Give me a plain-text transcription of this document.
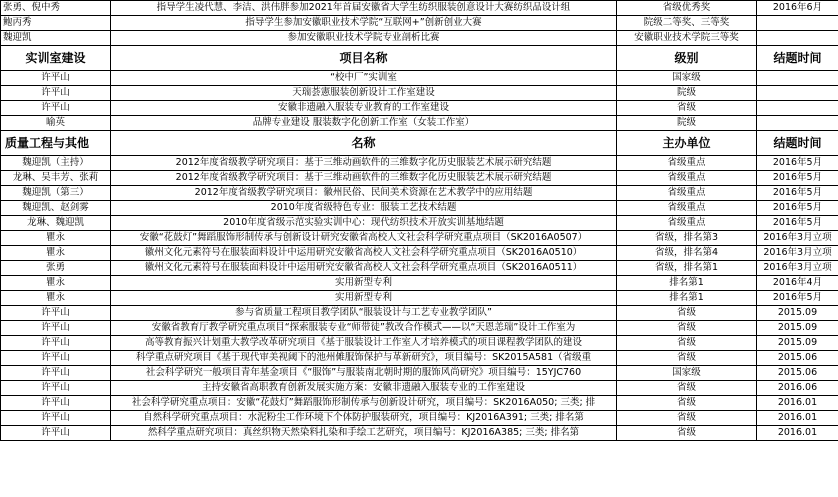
张勇、倪中秀	指导学生凌代慧、李洁、洪伟胖参加2021年首届安徽省大学生纺织服装创意设计大赛纺织品设计组	省级优秀奖	2016年6月
鲍丙秀	指导学生参加安徽职业技术学院“互联网+”创新创业大赛	院级二等奖、三等奖	
魏迎凯	参加安徽职业技术学院专业剖析比赛	安徽职业技术学院三等奖	
实训室建设	项目名称	级别	结题时间
许平山	“校中厂”实训室	国家级	
许平山	天瑞荟憲服装创新设计工作室建设	院级	
许平山	安徽非遗融入服装专业教育的工作室建设	省级	
喻英	品牌专业建设 服装数字化创新工作室（女装工作室）	院级	
质量工程与其他	名称	主办单位	结题时间
魏迎凯（主持）	2012年度省级教学研究项目：基于三维动画软件的三维数字化历史服装艺术展示研究结题	省级重点	2016年5月
龙琳、吴丰芳、张莉	2012年度省级教学研究项目：基于三维动画软件的三维数字化历史服装艺术展示研究结题	省级重点	2016年5月
魏迎凯（第三）	2012年度省级教学研究项目：徽州民俗、民间美术资源在艺术教学中的应用结题	省级重点	2016年5月
魏迎凯、赵剑雾	2010年度省级特色专业：服装工艺技术结题	省级重点	2016年5月
龙琳、魏迎凯	2010年度省级示范实验实训中心：现代纺织技术开放实训基地结题	省级重点	2016年5月
瞿永	安徽“花鼓灯”舞蹈服饰形制传承与创新设计研究安徽省高校人文社会科学研究重点项目（SK2016A0507）	省级，排名第3	2016年3月立项
瞿永	徽州文化元素符号在服装面料设计中运用研究安徽省高校人文社会科学研究重点项目（SK2016A0510）	省级，排名第4	2016年3月立项
张勇	徽州文化元素符号在服装面料设计中运用研究安徽省高校人文社会科学研究重点项目（SK2016A0511）	省级，排名第1	2016年3月立项
瞿永	实用新型专利	排名第1	2016年4月
瞿永	实用新型专利	排名第1	2016年5月
许平山	参与省质量工程项目教学团队“服装设计与工艺专业教学团队”	省级	2015.09
许平山	安徽省教育厅教学研究重点项目“探索服装专业“师带徒”教改合作模式——以“天恩恙瑞”设计工作室为	省级	2015.09
许平山	高等教育振兴计划重大教学改革研究项目《基于服装设计工作室人才培养模式的项目课程教学团队的建设	省级	2015.09
许平山	科学重点研究项目《基于现代审美视阈下的池州傩服饰保护与革新研究》，项目编号：SK2015A581（省级重	省级	2015.06
许平山	社会科学研究一般项目青年基金项目《“服饰”与服装南北朝时期的服饰风尚研究》项目编号：15YJC760	国家级	2015.06
许平山	主持安徽省高职教育创新发展实施方案：安徽非遗融入服装专业的工作室建设	省级	2016.06
许平山	社会科学研究重点项目：安徽“花鼓灯”舞蹈服饰形制传承与创新设计研究，项目编号：SK2016A050; 三类; 排	省级	2016.01
许平山	自然科学研究重点项目：水泥粉尘工作环境下个体防护服装研究，项目编号：KJ2016A391; 三类; 排名第	省级	2016.01
许平山	然科学重点研究项目：真丝织物天然染料扎染和手绘工艺研究，项目编号：KJ2016A385; 三类; 排名第	省级	2016.01
